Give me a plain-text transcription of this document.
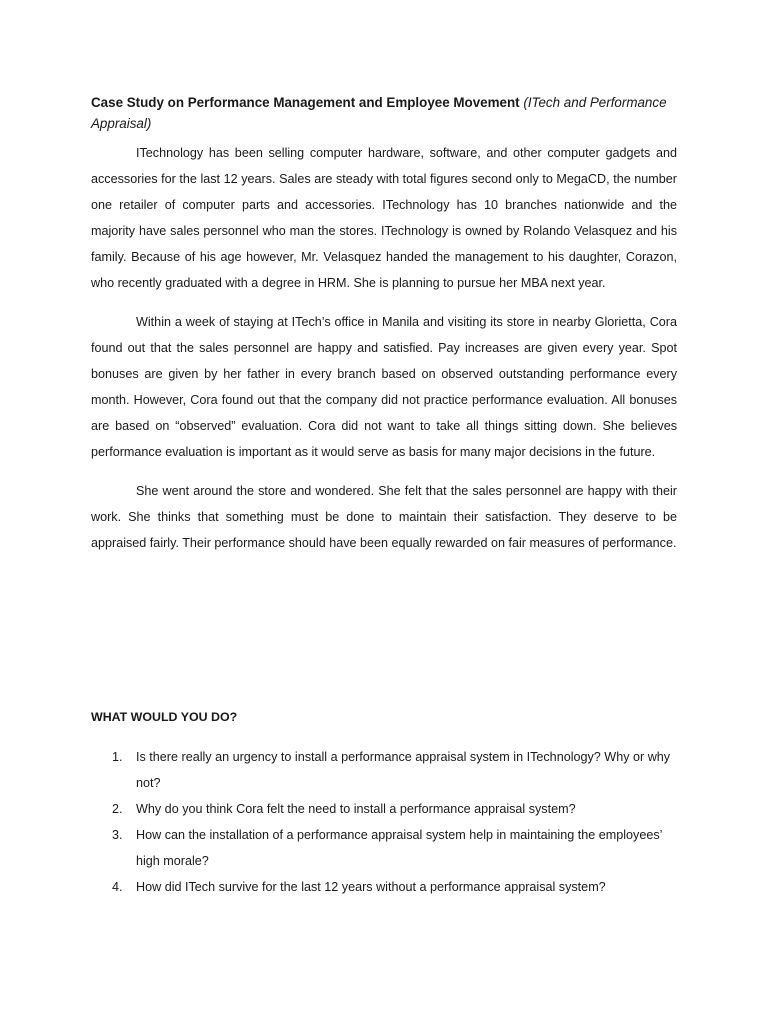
Case Study on Performance Management and Employee Movement (ITech and Performance Appraisal)

ITechnology has been selling computer hardware, software, and other computer gadgets and accessories for the last 12 years. Sales are steady with total figures second only to MegaCD, the number one retailer of computer parts and accessories. ITechnology has 10 branches nationwide and the majority have sales personnel who man the stores. ITechnology is owned by Rolando Velasquez and his family. Because of his age however, Mr. Velasquez handed the management to his daughter, Corazon, who recently graduated with a degree in HRM. She is planning to pursue her MBA next year.

Within a week of staying at ITech’s office in Manila and visiting its store in nearby Glorietta, Cora found out that the sales personnel are happy and satisfied. Pay increases are given every year. Spot bonuses are given by her father in every branch based on observed outstanding performance every month. However, Cora found out that the company did not practice performance evaluation. All bonuses are based on “observed” evaluation. Cora did not want to take all things sitting down. She believes performance evaluation is important as it would serve as basis for many major decisions in the future.

She went around the store and wondered. She felt that the sales personnel are happy with their work. She thinks that something must be done to maintain their satisfaction. They deserve to be appraised fairly. Their performance should have been equally rewarded on fair measures of performance.

WHAT WOULD YOU DO?

1. Is there really an urgency to install a performance appraisal system in ITechnology? Why or why not?
2. Why do you think Cora felt the need to install a performance appraisal system?
3. How can the installation of a performance appraisal system help in maintaining the employees’ high morale?
4. How did ITech survive for the last 12 years without a performance appraisal system?
